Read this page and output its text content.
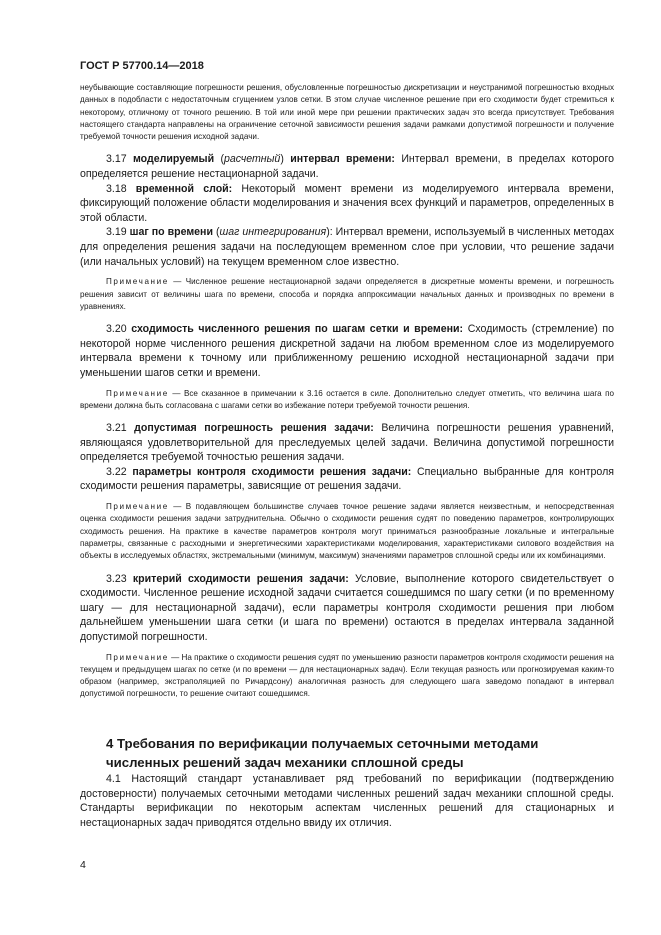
ГОСТ Р 57700.14—2018

неубывающие составляющие погрешности решения, обусловленные погрешностью дискретизации и неустранимой погрешностью входных данных в подобласти с недостаточным сгущением узлов сетки. В этом случае численное решение при его сходимости будет стремиться к некоторому, отличному от точного решению. В той или иной мере при решении практических задач это всегда присутствует. Требования настоящего стандарта направлены на ограничение сеточной зависимости решения задачи рамками допустимой погрешности и получение требуемой точности решения исходной задачи.

3.17 моделируемый (расчетный) интервал времени: Интервал времени, в пределах которого определяется решение нестационарной задачи.

3.18 временной слой: Некоторый момент времени из моделируемого интервала времени, фиксирующий положение области моделирования и значения всех функций и параметров, определенных в этой области.

3.19 шаг по времени (шаг интегрирования): Интервал времени, используемый в численных методах для определения решения задачи на последующем временном слое при условии, что решение задачи (или начальных условий) на текущем временном слое известно.

Примечание — Численное решение нестационарной задачи определяется в дискретные моменты времени, и погрешность решения зависит от величины шага по времени, способа и порядка аппроксимации начальных данных и производных по времени в уравнениях.

3.20 сходимость численного решения по шагам сетки и времени: Сходимость (стремление) по некоторой норме численного решения дискретной задачи на любом временном слое из моделируемого интервала времени к точному или приближенному решению исходной нестационарной задачи при уменьшении шагов сетки и времени.

Примечание — Все сказанное в примечании к 3.16 остается в силе. Дополнительно следует отметить, что величина шага по времени должна быть согласована с шагами сетки во избежание потери требуемой точности решения.

3.21 допустимая погрешность решения задачи: Величина погрешности решения уравнений, являющаяся удовлетворительной для преследуемых целей задачи. Величина допустимой погрешности определяется требуемой точностью решения задачи.

3.22 параметры контроля сходимости решения задачи: Специально выбранные для контроля сходимости решения параметры, зависящие от решения задачи.

Примечание — В подавляющем большинстве случаев точное решение задачи является неизвестным, и непосредственная оценка сходимости решения задачи затруднительна. Обычно о сходимости решения судят по поведению параметров, контролирующих сходимость решения. На практике в качестве параметров контроля могут приниматься разнообразные локальные и интегральные параметры, связанные с расходными и энергетическими характеристиками моделирования, характеристиками силового воздействия на объекты в исследуемых областях, экстремальными (минимум, максимум) значениями параметров сплошной среды или их комбинациями.

3.23 критерий сходимости решения задачи: Условие, выполнение которого свидетельствует о сходимости. Численное решение исходной задачи считается сошедшимся по шагу сетки (и по временному шагу — для нестационарной задачи), если параметры контроля сходимости решения при любом дальнейшем уменьшении шага сетки (и шага по времени) остаются в пределах интервала заданной допустимой погрешности.

Примечание — На практике о сходимости решения судят по уменьшению разности параметров контроля сходимости решения на текущем и предыдущем шагах по сетке (и по времени — для нестационарных задач). Если текущая разность или прогнозируемая каким-то образом (например, экстраполяцией по Ричардсону) аналогичная разность для следующего шага заведомо попадают в интервал допустимой погрешности, то решение считают сошедшимся.

4 Требования по верификации получаемых сеточными методами численных решений задач механики сплошной среды

4.1 Настоящий стандарт устанавливает ряд требований по верификации (подтверждению достоверности) получаемых сеточными методами численных решений задач механики сплошной среды. Стандарты верификации по некоторым аспектам численных решений для стационарных и нестационарных задач приводятся отдельно ввиду их отличия.

4
